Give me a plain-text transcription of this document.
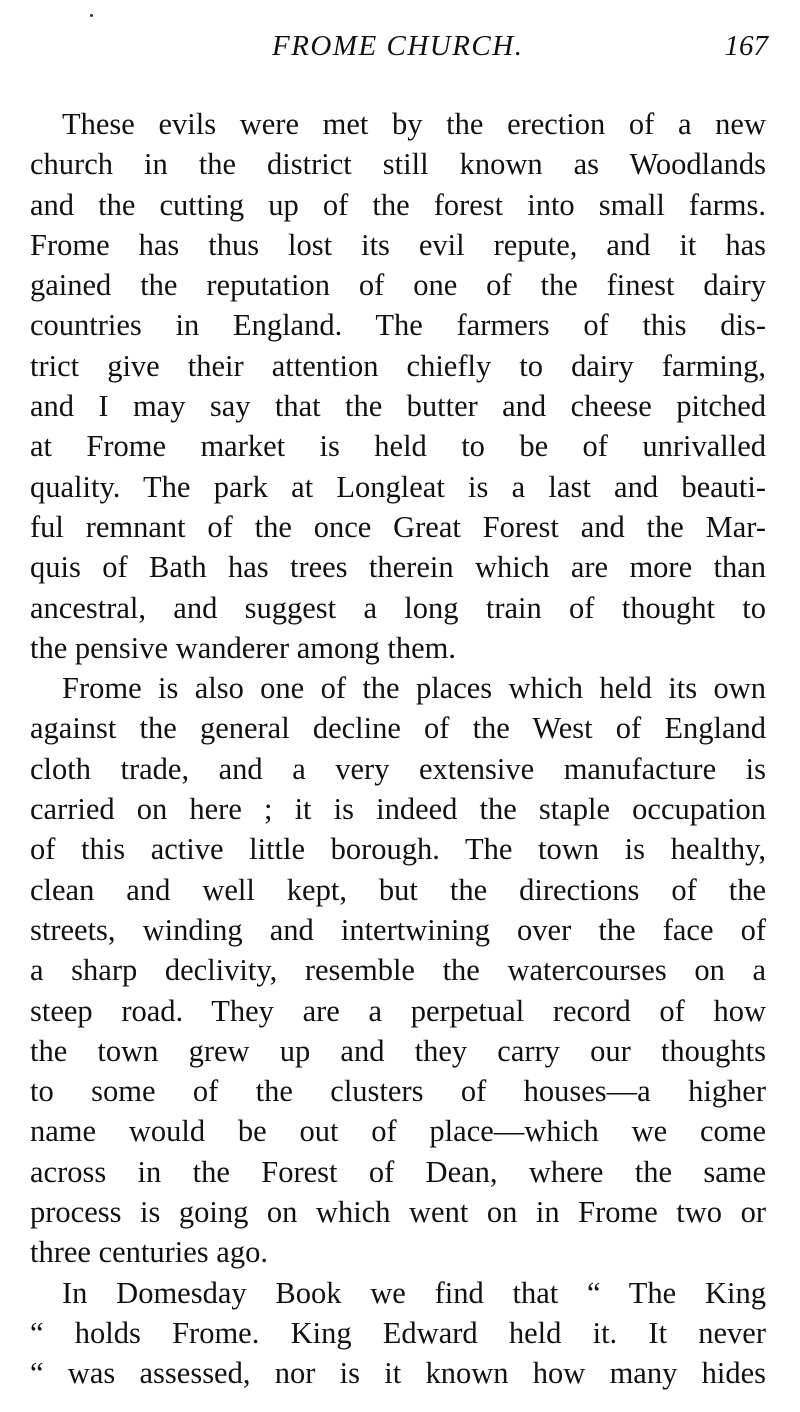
FROME CHURCH.	167
These evils were met by the erection of a new
church in the district still known as Woodlands
and the cutting up of the forest into small farms.
Frome has thus lost its evil repute, and it has
gained the reputation of one of the finest dairy
countries in England. The farmers of this dis-
trict give their attention chiefly to dairy farming,
and I may say that the butter and cheese pitched
at Frome market is held to be of unrivalled
quality. The park at Longleat is a last and beauti-
ful remnant of the once Great Forest and the Mar-
quis of Bath has trees therein which are more than
ancestral, and suggest a long train of thought to
the pensive wanderer among them.
Frome is also one of the places which held its own
against the general decline of the West of England
cloth trade, and a very extensive manufacture is
carried on here ; it is indeed the staple occupation
of this active little borough. The town is healthy,
clean and well kept, but the directions of the
streets, winding and intertwining over the face of
a sharp declivity, resemble the watercourses on a
steep road. They are a perpetual record of how
the town grew up and they carry our thoughts
to some of the clusters of houses—a higher
name would be out of place—which we come
across in the Forest of Dean, where the same
process is going on which went on in Frome two or
three centuries ago.
In Domesday Book we find that “ The King
“ holds Frome. King Edward held it. It never
“ was assessed, nor is it known how many hides
